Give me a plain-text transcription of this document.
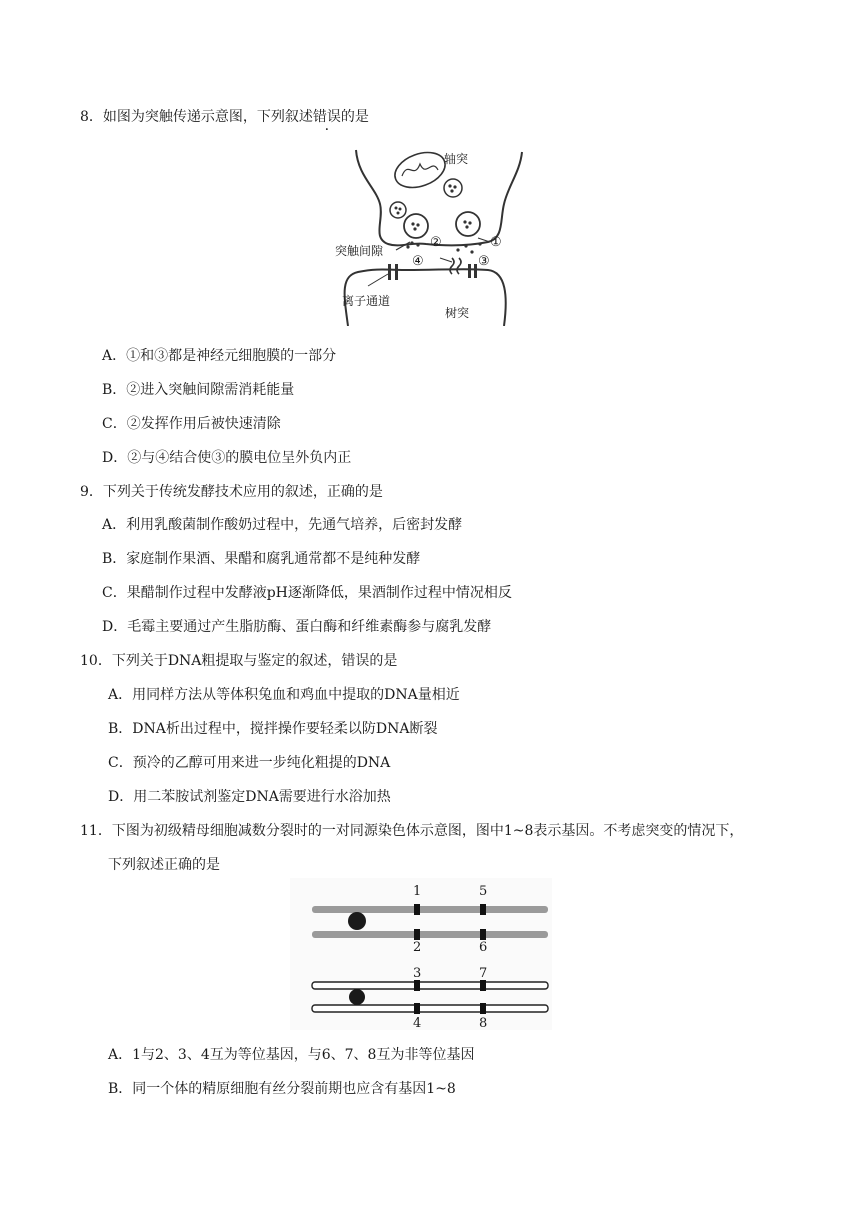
8．如图为突触传递示意图，下列叙述错误的是
轴突
突触间隙
离子通道
树突
①
②
③
④
A．①和③都是神经元细胞膜的一部分
B．②进入突触间隙需消耗能量
C．②发挥作用后被快速清除
D．②与④结合使③的膜电位呈外负内正
9．下列关于传统发酵技术应用的叙述，正确的是
A．利用乳酸菌制作酸奶过程中，先通气培养，后密封发酵
B．家庭制作果酒、果醋和腐乳通常都不是纯种发酵
C．果醋制作过程中发酵液pH逐渐降低，果酒制作过程中情况相反
D．毛霉主要通过产生脂肪酶、蛋白酶和纤维素酶参与腐乳发酵
10．下列关于DNA粗提取与鉴定的叙述，错误的是
A．用同样方法从等体积兔血和鸡血中提取的DNA量相近
B．DNA析出过程中，搅拌操作要轻柔以防DNA断裂
C．预冷的乙醇可用来进一步纯化粗提的DNA
D．用二苯胺试剂鉴定DNA需要进行水浴加热
11．下图为初级精母细胞减数分裂时的一对同源染色体示意图，图中1~8表示基因。不考虑突变的情况下，
下列叙述正确的是
1
2
3
4
5
6
7
8
A．1与2、3、4互为等位基因，与6、7、8互为非等位基因
B．同一个体的精原细胞有丝分裂前期也应含有基因1~8
